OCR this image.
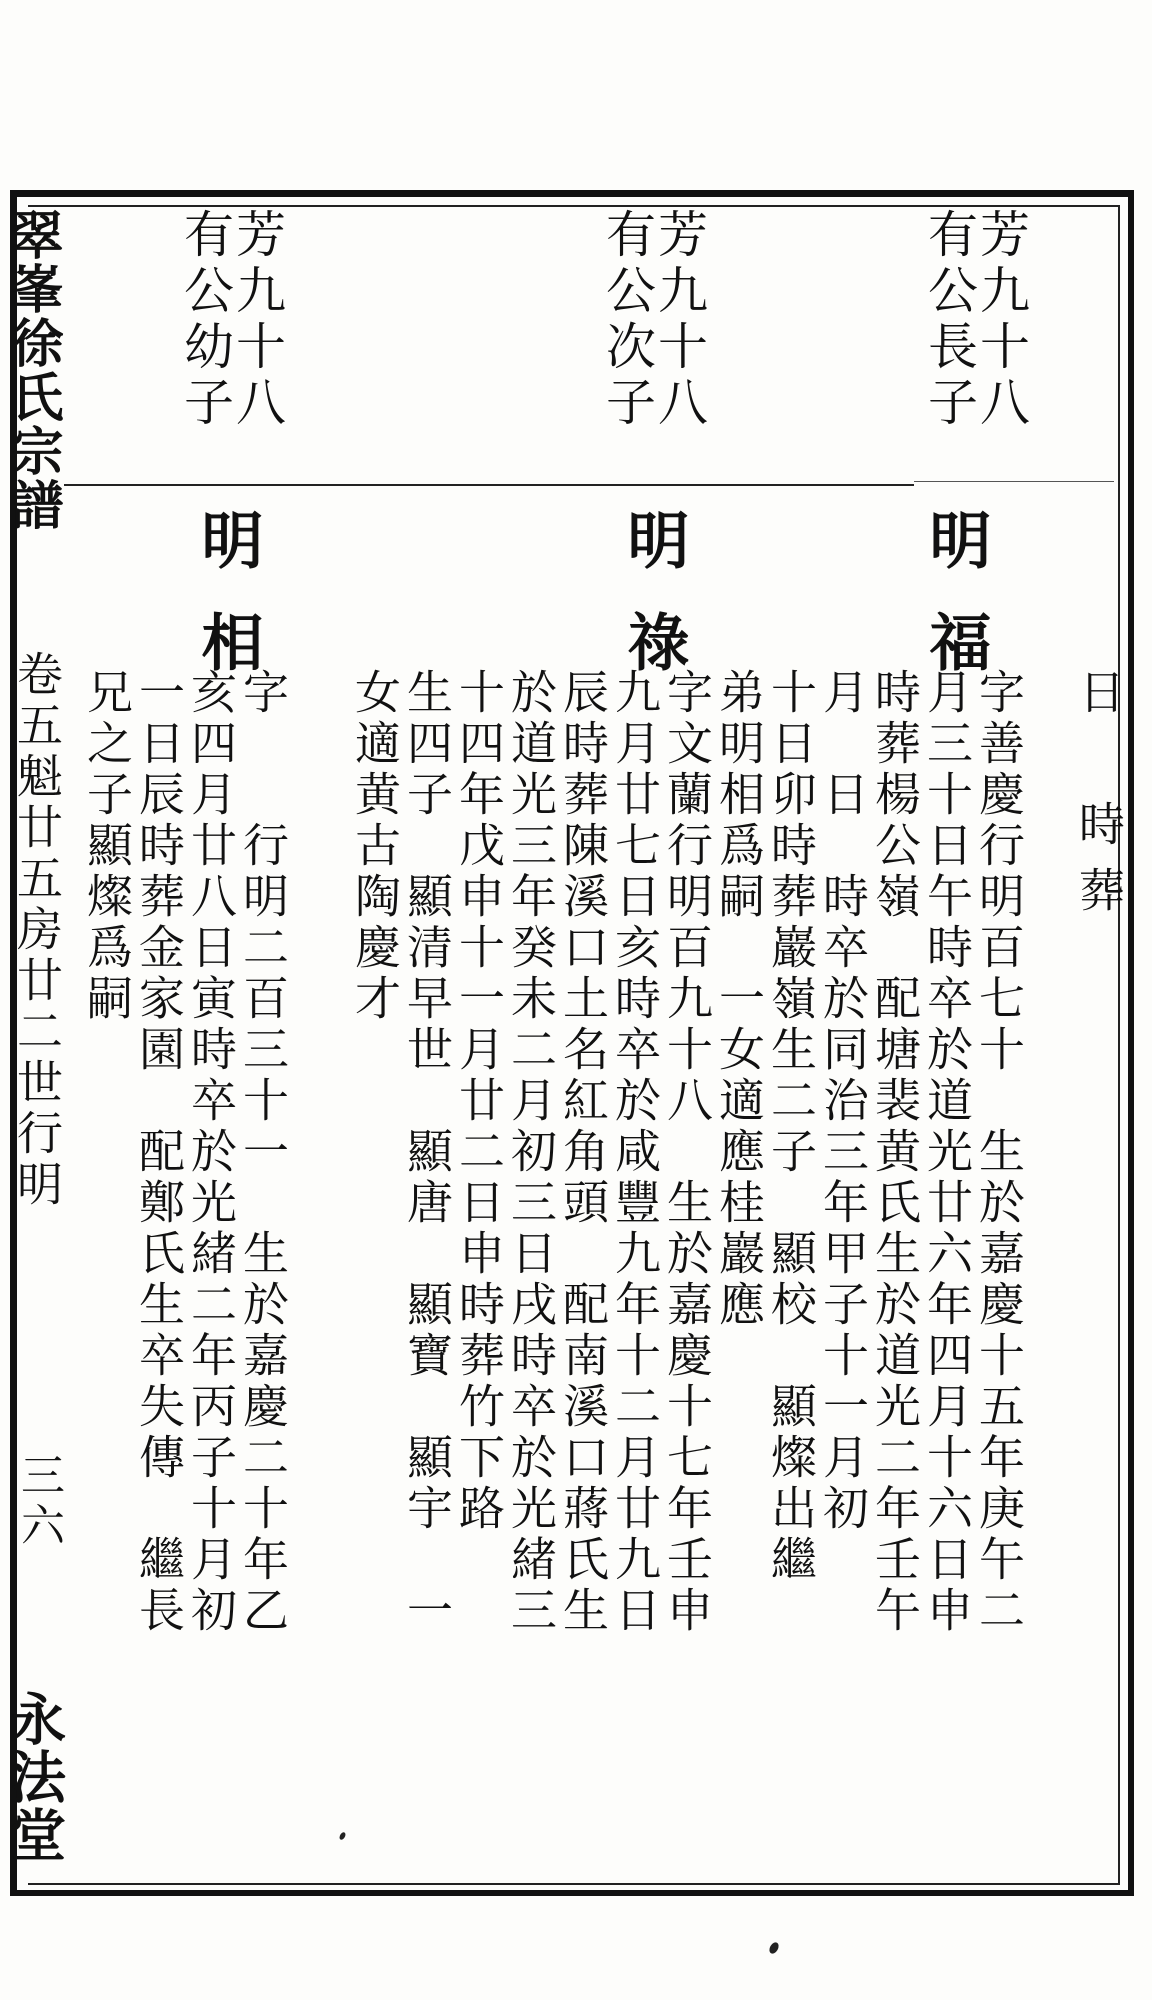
翠峯徐氏宗譜
卷五魁廿五房廿二世行明
三六
永法堂
日　時葬
芳九十八
有公長子
明福
字善慶行明百七十　生於嘉慶十五年庚午二
月三十日午時卒於道光廿六年四月十六日申
時葬楊公嶺　配塘裴黄氏生於道光二年壬午
月　日　時卒於同治三年甲子十一月初
十日卯時葬巖嶺生二子　顯校　顯燦出繼
弟明相爲嗣　一女適應桂巖應
芳九十八
有公次子
明祿
字文蘭行明百九十八　生於嘉慶十七年壬申
九月廿七日亥時卒於咸豐九年十二月廿九日
辰時葬陳溪口土名紅角頭　配南溪口蔣氏生
於道光三年癸未二月初三日戌時卒於光緒三
十四年戊申十一月廿二日申時葬竹下路
生四子　顯清早世　顯唐　顯寶　顯宇　一
女適黄古陶慶才
芳九十八
有公幼子
明相
字　　行明二百三十一　生於嘉慶二十年乙
亥四月廿八日寅時卒於光緒二年丙子十月初
一日辰時葬金家園　配鄭氏生卒失傳　繼長
兄之子顯燦爲嗣
